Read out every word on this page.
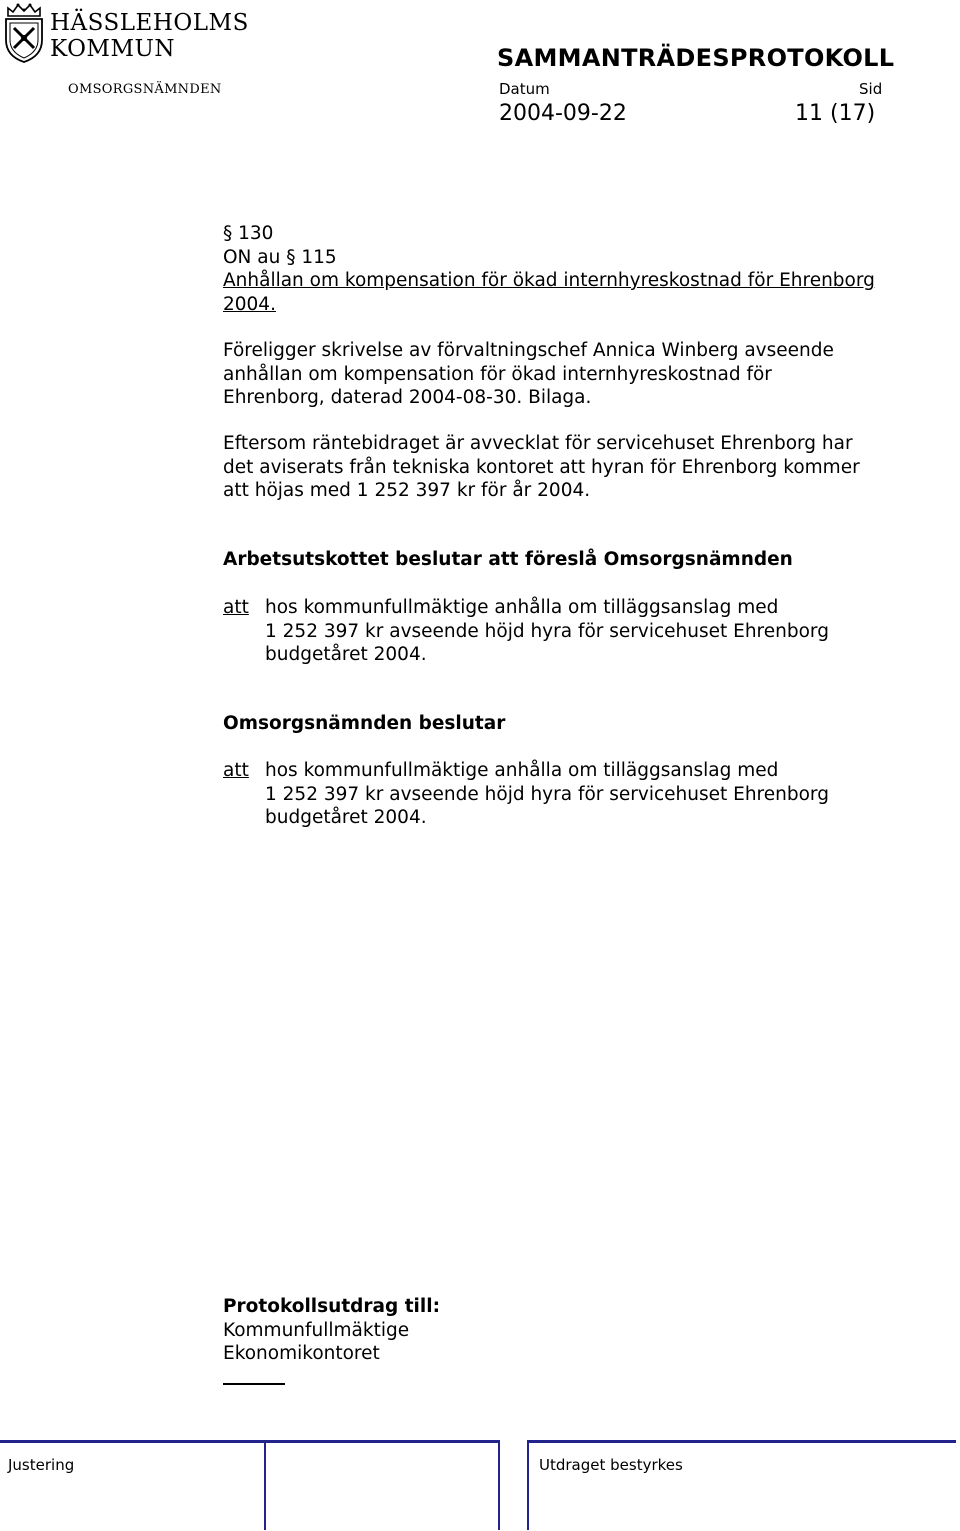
HÄSSLEHOLMS
KOMMUN
OMSORGSNÄMNDEN
SAMMANTRÄDESPROTOKOLL
Datum	Sid
2004-09-22	11 (17)
§ 130
ON au § 115
Anhållan om kompensation för ökad internhyreskostnad för Ehrenborg
2004.
Föreligger skrivelse av förvaltningschef Annica Winberg avseende
anhållan om kompensation för ökad internhyreskostnad för
Ehrenborg, daterad 2004-08-30. Bilaga.
Eftersom räntebidraget är avvecklat för servicehuset Ehrenborg har
det aviserats från tekniska kontoret att hyran för Ehrenborg kommer
att höjas med 1 252 397 kr för år 2004.
Arbetsutskottet beslutar att föreslå Omsorgsnämnden
att hos kommunfullmäktige anhålla om tilläggsanslag med
1 252 397 kr avseende höjd hyra för servicehuset Ehrenborg
budgetåret 2004.
Omsorgsnämnden beslutar
att hos kommunfullmäktige anhålla om tilläggsanslag med
1 252 397 kr avseende höjd hyra för servicehuset Ehrenborg
budgetåret 2004.
Protokollsutdrag till:
Kommunfullmäktige
Ekonomikontoret
Justering	Utdraget bestyrkes
